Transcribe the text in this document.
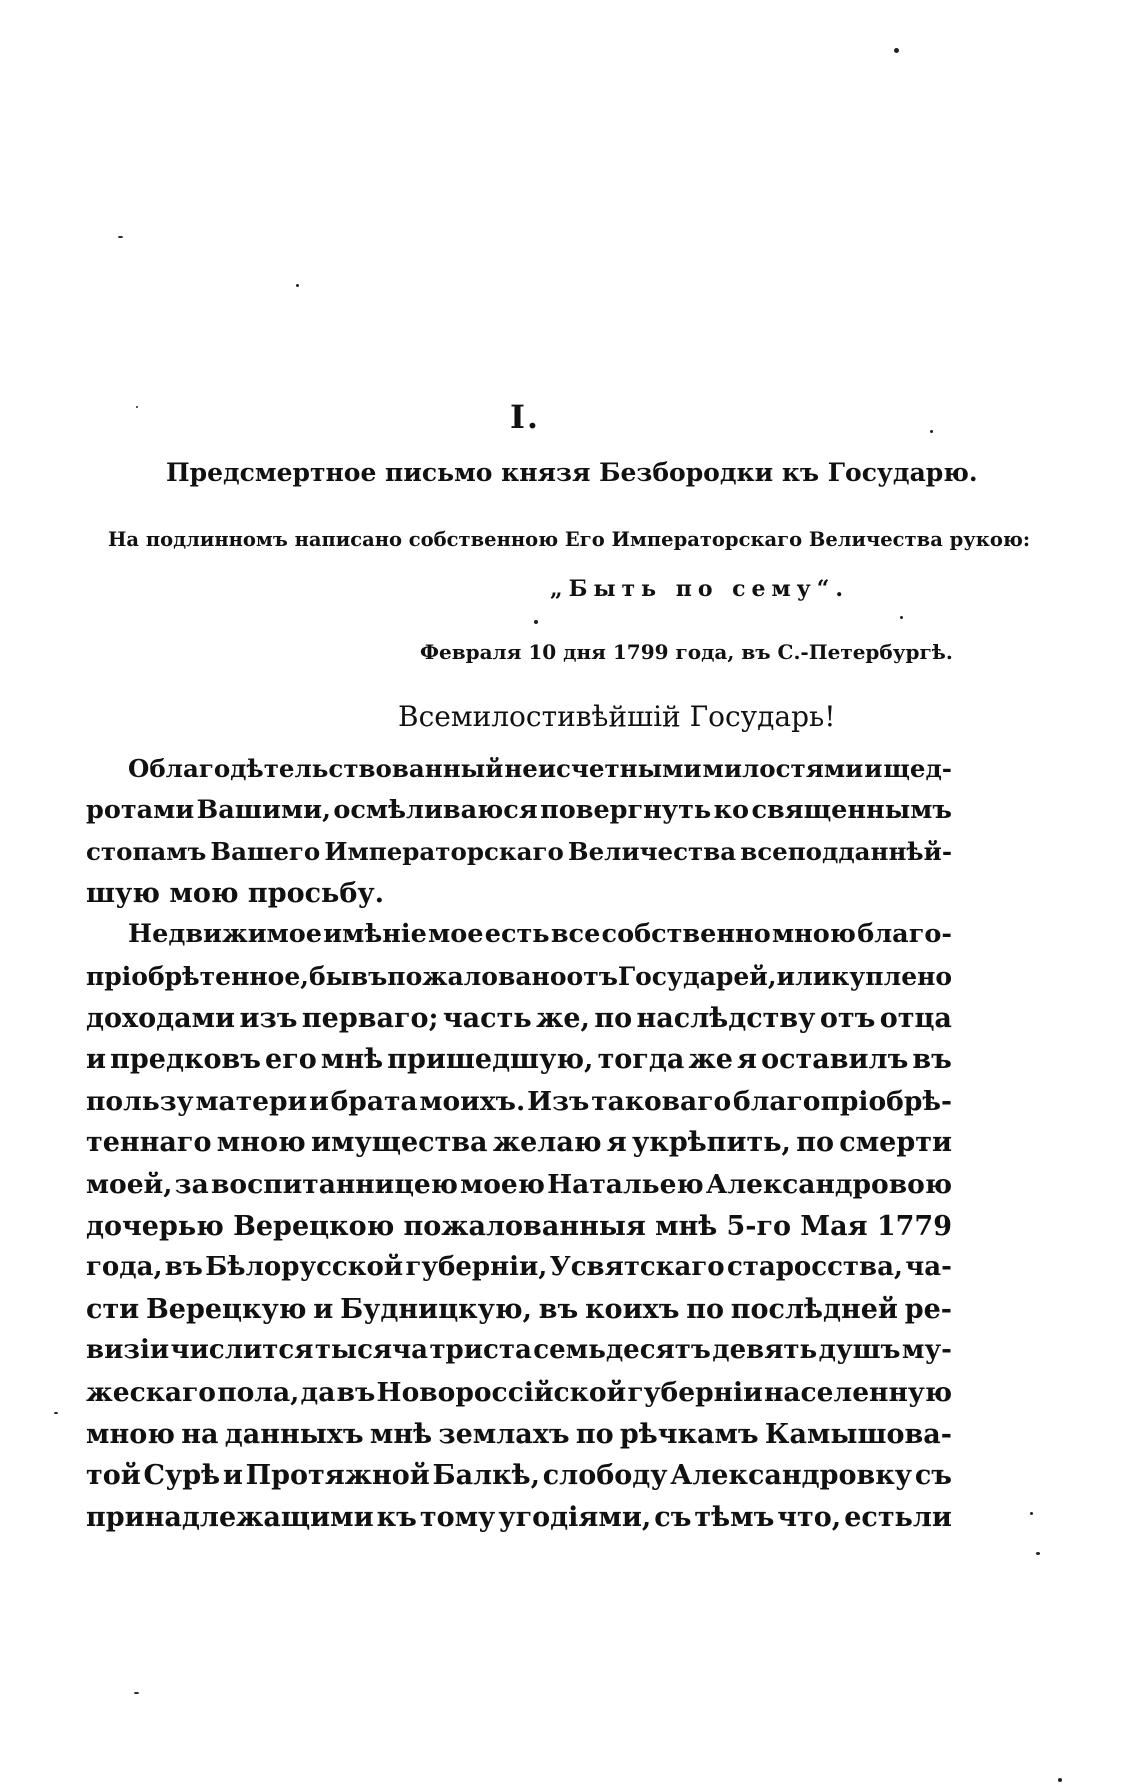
I.
Предсмертное письмо князя Безбородки къ Государю.
На подлинномъ написано собственною Его Императорскаго Величества рукою:
„Быть по сему“.
Февраля 10 дня 1799 года, въ С.-Петербургѣ.
Всемилостивѣйшій Государь!
Облагодѣтельствованный неисчетными милостями и щед-
ротами Вашими, осмѣливаюся повергнуть ко священнымъ
стопамъ Вашего Императорскаго Величества всеподданнѣй-
шую мою просьбу.
Недвижимое имѣніе мое есть все собственно мною благо-
пріобрѣтенное, бывъ пожаловано отъ Государей, или куплено
доходами изъ перваго; часть же, по наслѣдству отъ отца
и предковъ его мнѣ пришедшую, тогда же я оставилъ въ
пользу матери и брата моихъ. Изъ таковаго благопріобрѣ-
теннаго мною имущества желаю я укрѣпить, по смерти
моей, за воспитанницею моею Натальею Александровою
дочерью Верецкою пожалованныя мнѣ 5-го Мая 1779
года, въ Бѣлорусской губерніи, Усвятскаго старосства, ча-
сти Верецкую и Будницкую, въ коихъ по послѣдней ре-
визіи числится тысяча триста семьдесятъ девять душъ му-
жескаго пола, да въ Новороссійской губерніи населенную
мною на данныхъ мнѣ землахъ по рѣчкамъ Камышова-
той Сурѣ и Протяжной Балкѣ, слободу Александровку съ
принадлежащими къ тому угодіями, съ тѣмъ что, естьли
